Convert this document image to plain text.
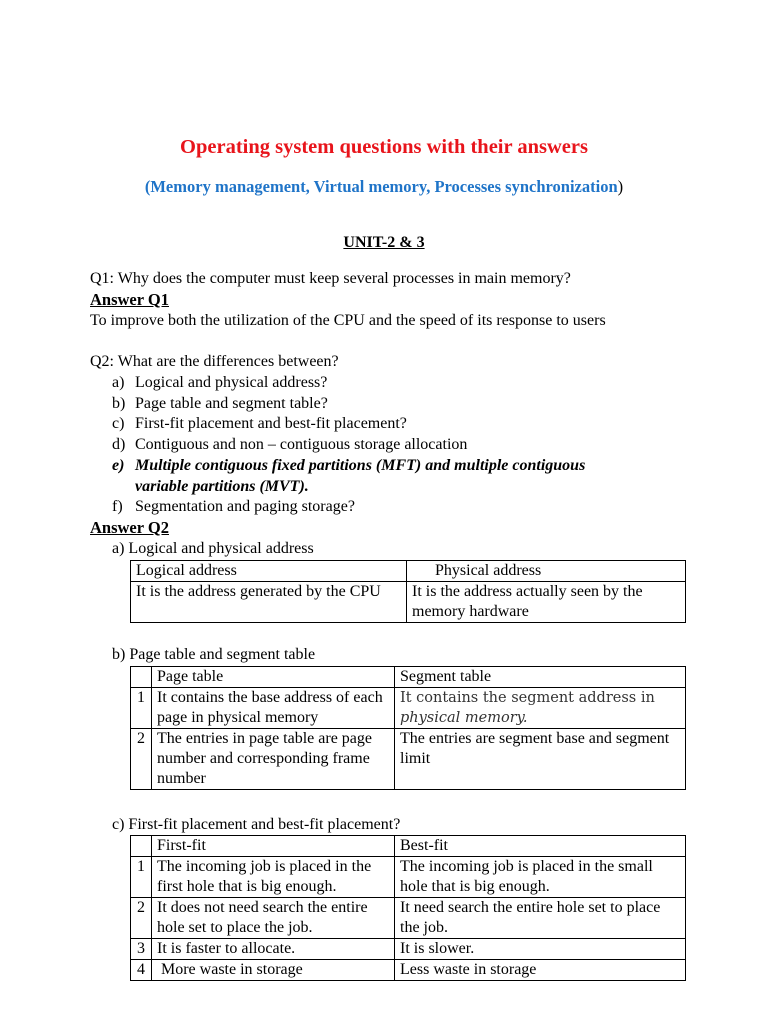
Operating system questions with their answers
(Memory management, Virtual memory, Processes synchronization)
UNIT-2 & 3
Q1: Why does the computer must keep several processes in main memory?
Answer Q1
To improve both the utilization of the CPU and the speed of its response to users
Q2: What are the differences between?
a) Logical and physical address?
b) Page table and segment table?
c) First-fit placement and best-fit placement?
d) Contiguous and non – contiguous storage allocation
e) Multiple contiguous fixed partitions (MFT) and multiple contiguous
variable partitions (MVT).
f) Segmentation and paging storage?
Answer Q2
a) Logical and physical address
Logical address	Physical address
It is the address generated by the CPU	It is the address actually seen by the memory hardware
b) Page table and segment table
	Page table	Segment table
1	It contains the base address of each page in physical memory	It contains the segment address in physical memory.
2	The entries in page table are page number and corresponding frame number	The entries are segment base and segment limit
c) First-fit placement and best-fit placement?
	First-fit	Best-fit
1	The incoming job is placed in the first hole that is big enough.	The incoming job is placed in the small hole that is big enough.
2	It does not need search the entire hole set to place the job.	It need search the entire hole set to place the job.
3	It is faster to allocate.	It is slower.
4	More waste in storage	Less waste in storage
